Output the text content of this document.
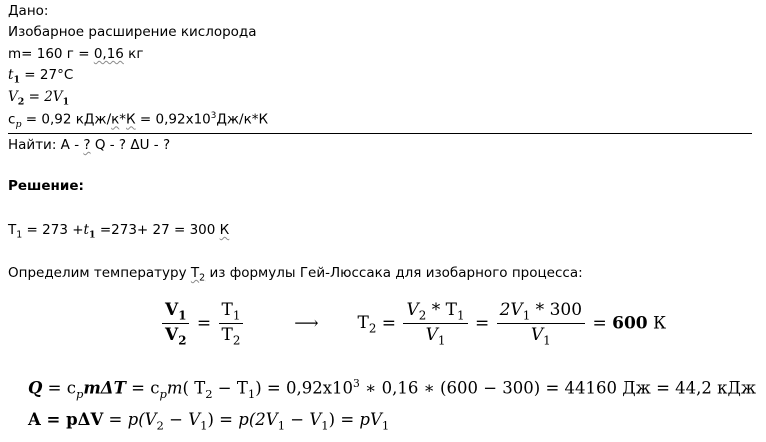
Дано:
Изобарное расширение кислорода
m= 160 г = 0,16 кг
$t_1 = 27^\circ С$
$V_2 = 2V_1$
$c_p = 0,92$ $кДж/к*К = 0,92х10^3Дж/к*К$
Найти: А - ? Q - ? ΔU - ?
Решение:
$T_1 = 273 +t_1 =273+ 27 = 300$ К
Определим температуру $Т_2$ из формулы Гей-Люссака для изобарного процесса:
$\frac{V_1}{V_2} = \frac{T_1}{T_2}$	⟶ $T_2 = \frac{V_2 * T_1}{V_1} = \frac{2V_1 * 300}{V_1} = 600$ К
$Q = c_pm\Delta T = c_pm$( $T_2 - T_1) = 0,92х10^3$ ∗ 0,16 ∗ (600 − 300) = 44160 Дж = 44,2 кДж
$A = p\Delta V = p(V_2 - V_1) = p(2V_1 - V_1) = pV_1$
